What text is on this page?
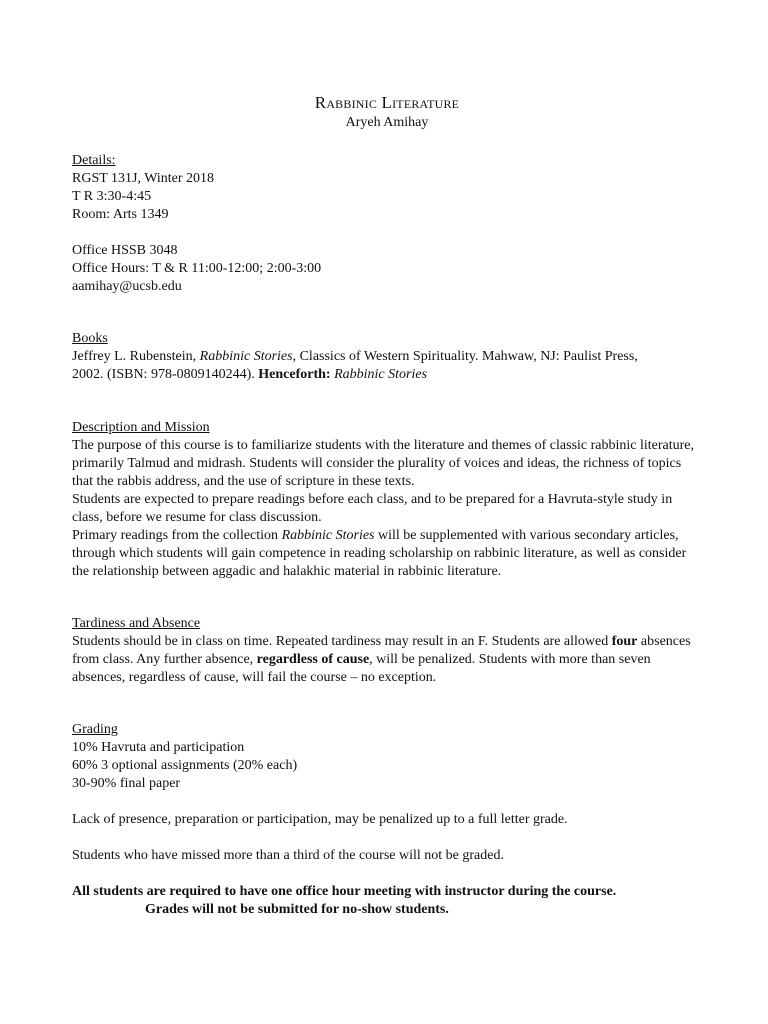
Rabbinic Literature
Aryeh Amihay
Details:
RGST 131J, Winter 2018
T R 3:30-4:45
Room: Arts 1349
Office HSSB 3048
Office Hours: T & R 11:00-12:00; 2:00-3:00
aamihay@ucsb.edu
Books
Jeffrey L. Rubenstein, Rabbinic Stories, Classics of Western Spirituality. Mahwaw, NJ: Paulist Press,
2002. (ISBN: 978-0809140244). Henceforth: Rabbinic Stories
Description and Mission
The purpose of this course is to familiarize students with the literature and themes of classic rabbinic literature, primarily Talmud and midrash. Students will consider the plurality of voices and ideas, the richness of topics that the rabbis address, and the use of scripture in these texts.
Students are expected to prepare readings before each class, and to be prepared for a Havruta-style study in class, before we resume for class discussion.
Primary readings from the collection Rabbinic Stories will be supplemented with various secondary articles, through which students will gain competence in reading scholarship on rabbinic literature, as well as consider the relationship between aggadic and halakhic material in rabbinic literature.
Tardiness and Absence
Students should be in class on time. Repeated tardiness may result in an F. Students are allowed four absences from class. Any further absence, regardless of cause, will be penalized. Students with more than seven absences, regardless of cause, will fail the course – no exception.
Grading
10% Havruta and participation
60% 3 optional assignments (20% each)
30-90% final paper
Lack of presence, preparation or participation, may be penalized up to a full letter grade.
Students who have missed more than a third of the course will not be graded.
All students are required to have one office hour meeting with instructor during the course.
Grades will not be submitted for no-show students.
